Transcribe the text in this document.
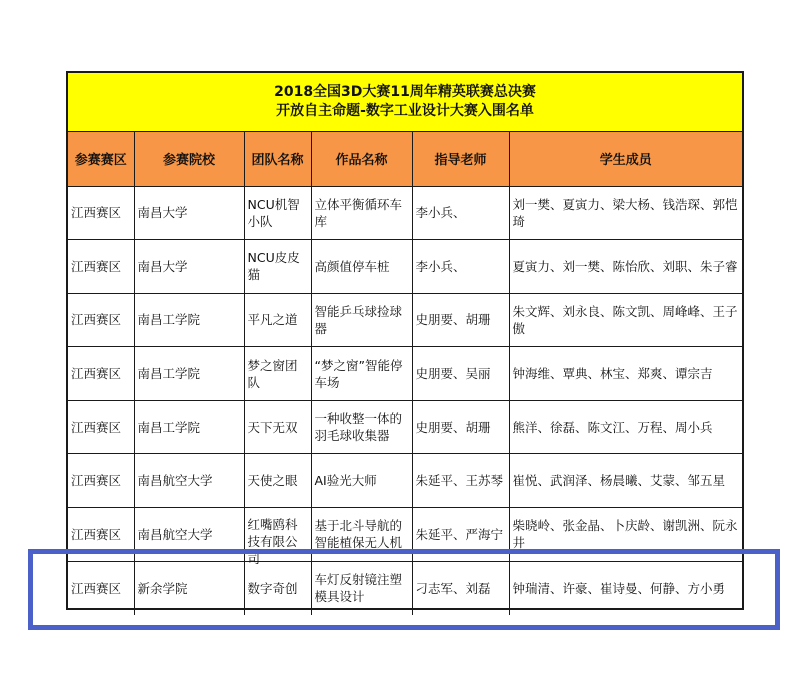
2018全国3D大赛11周年精英联赛总决赛
开放自主命题-数字工业设计大赛入围名单
参赛赛区	参赛院校	团队名称	作品名称	指导老师	学生成员

江西赛区	南昌大学	NCU机智小队	立体平衡循环车库	李小兵、	刘一樊、夏寅力、梁大杨、钱浩琛、郭恺琦

江西赛区	南昌大学	NCU皮皮猫	高颜值停车桩	李小兵、	夏寅力、刘一樊、陈怡欣、刘职、朱子睿

江西赛区	南昌工学院	平凡之道	智能乒乓球捡球器	史朋要、胡珊	朱文辉、刘永良、陈文凯、周峰峰、王子傲

江西赛区	南昌工学院	梦之窗团队	“梦之窗”智能停车场	史朋要、吴丽	钟海维、覃典、林宝、郑爽、谭宗吉

江西赛区	南昌工学院	天下无双	一种收整一体的羽毛球收集器	史朋要、胡珊	熊洋、徐磊、陈文江、万程、周小兵

江西赛区	南昌航空大学	天使之眼	AI验光大师	朱延平、王苏琴	崔悦、武润泽、杨晨曦、艾蒙、邹五星

江西赛区	南昌航空大学	红嘴鸥科技有限公司	基于北斗导航的智能植保无人机	朱延平、严海宁	柴晓岭、张金晶、卜庆龄、谢凯洲、阮永井

江西赛区	新余学院	数字奇创	车灯反射镜注塑模具设计	刁志军、刘磊	钟瑞清、许豪、崔诗曼、何静、方小勇
